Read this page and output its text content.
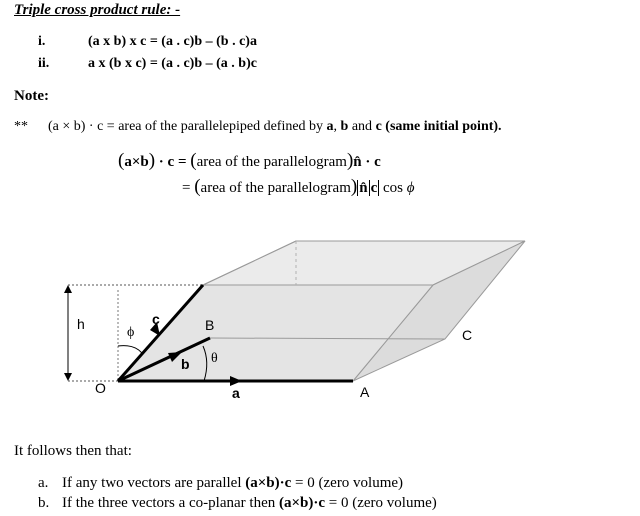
Triple cross product rule: -
i.	(a x b) x c = (a . c)b – (b . c)a
ii.	a x (b x c) = (a . c)b – (a . b)c
Note:
** (a × b) · c = area of the parallelepiped defined by a, b and c (same initial point).
(a×b) · c = (area of the parallelogram)n̂ · c
= (area of the parallelogram) n̂ c cos ϕ
h
ϕ
c	B
b θ
O	a	A
C
It follows then that:
a. If any two vectors are parallel (a×b)·c = 0 (zero volume)
b. If the three vectors a co-planar then (a×b)·c = 0 (zero volume)
